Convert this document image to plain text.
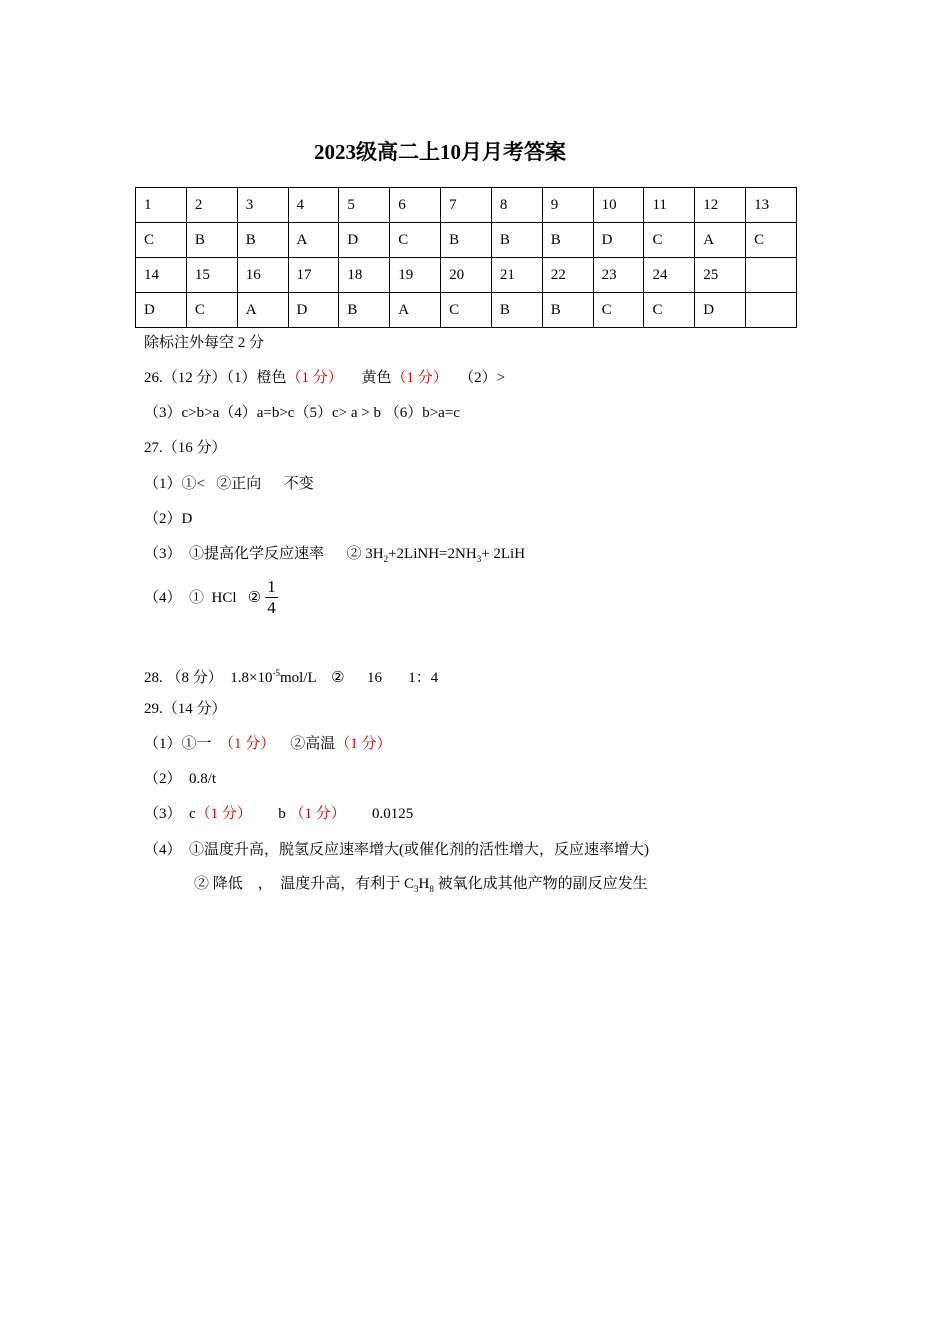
2023级高二上10月月考答案
1	2	3	4	5	6	7	8	9	10	11	12	13
C	B	B	A	D	C	B	B	B	D	C	A	C
14	15	16	17	18	19	20	21	22	23	24	25	
D	C	A	D	B	A	C	B	B	C	C	D	
除标注外每空 2 分
26.（12 分）（1）橙色（1 分）     黄色（1 分）   （2）>
（3）c>b>a（4）a=b>c（5）c> a > b （6）b>a=c
27.（16 分）
（1）①<   ②正向      不变
（2）D
（3）  ①提高化学反应速率      ② $3H_2+2LiNH=2NH_3+ 2LiH$
（4）  ①  HCl   ② $\frac{1}{4}$
28. （8 分）  $1.8\times 10^{-5}mol/L$    ②      16       1：4
29.（14 分）
（1）①一  （1 分）    ②高温（1 分）
（2）  0.8/t
（3）  c（1 分）       b （1 分）       0.0125
（4）  ①温度升高，脱氢反应速率增大(或催化剂的活性增大，反应速率增大)
② 降低    ，  温度升高，有利于 $C_3H_8$ 被氧化成其他产物的副反应发生
